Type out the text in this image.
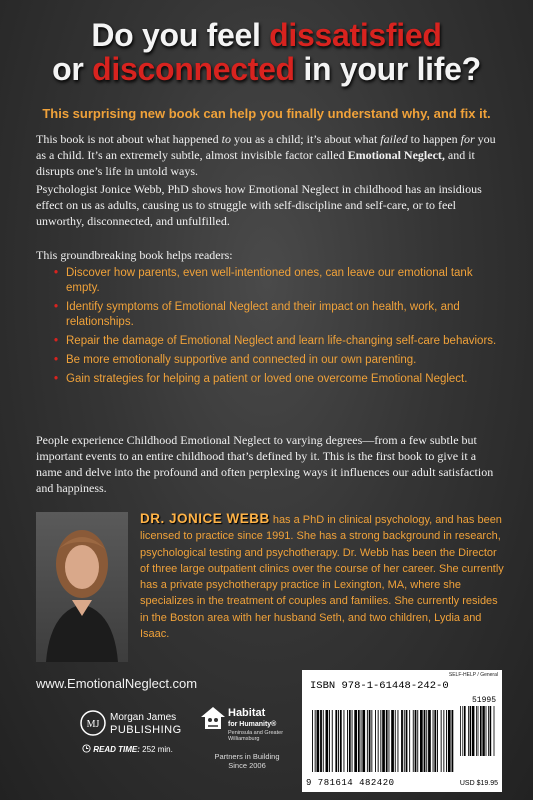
Do you feel dissatisfied
or disconnected in your life?
This surprising new book can help you finally understand why, and fix it.
This book is not about what happened to you as a child; it’s about what failed to happen for you as a child. It’s an extremely subtle, almost invisible factor called Emotional Neglect, and it disrupts one’s life in untold ways.
Psychologist Jonice Webb, PhD shows how Emotional Neglect in childhood has an insidious effect on us as adults, causing us to struggle with self-discipline and self-care, or to feel unworthy, disconnected, and unfulfilled.
This groundbreaking book helps readers:
• Discover how parents, even well-intentioned ones, can leave our emotional tank empty.
• Identify symptoms of Emotional Neglect and their impact on health, work, and relationships.
• Repair the damage of Emotional Neglect and learn life-changing self-care behaviors.
• Be more emotionally supportive and connected in our own parenting.
• Gain strategies for helping a patient or loved one overcome Emotional Neglect.
People experience Childhood Emotional Neglect to varying degrees—from a few subtle but important events to an entire childhood that’s defined by it. This is the first book to give it a name and delve into the profound and often perplexing ways it influences our adult satisfaction and happiness.
DR. JONICE WEBB has a PhD in clinical psychology, and has been licensed to practice since 1991. She has a strong background in research, psychological testing and psychotherapy. Dr. Webb has been the Director of three large outpatient clinics over the course of her career. She currently has a private psychotherapy practice in Lexington, MA, where she specializes in the treatment of couples and families. She currently resides in the Boston area with her husband Seth, and two children, Lydia and Isaac.
www.EmotionalNeglect.com
MJ
Morgan James
PUBLISHING
READ TIME: 252 min.
Habitat
for Humanity®
Peninsula and Greater Williamsburg
Partners in Building
Since 2006
SELF-HELP / General
ISBN 978-1-61448-242-0
51995
9 781614 482420	USD $19.95
